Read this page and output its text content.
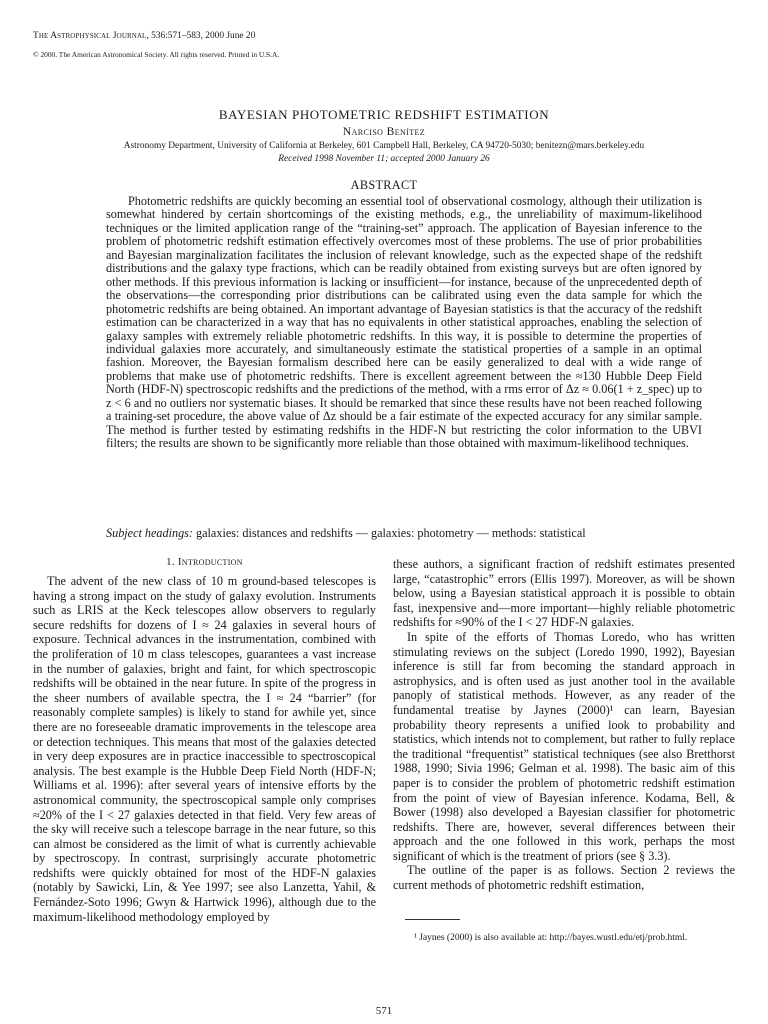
The Astrophysical Journal, 536:571–583, 2000 June 20
© 2000. The American Astronomical Society. All rights reserved. Printed in U.S.A.
BAYESIAN PHOTOMETRIC REDSHIFT ESTIMATION
Narciso Benítez
Astronomy Department, University of California at Berkeley, 601 Campbell Hall, Berkeley, CA 94720-5030; benitezn@mars.berkeley.edu
Received 1998 November 11; accepted 2000 January 26
ABSTRACT

Photometric redshifts are quickly becoming an essential tool of observational cosmology, although their utilization is somewhat hindered by certain shortcomings of the existing methods, e.g., the unreliability of maximum-likelihood techniques or the limited application range of the “training-set” approach. The application of Bayesian inference to the problem of photometric redshift estimation effectively overcomes most of these problems. The use of prior probabilities and Bayesian marginalization facilitates the inclusion of relevant knowledge, such as the expected shape of the redshift distributions and the galaxy type fractions, which can be readily obtained from existing surveys but are often ignored by other methods. If this previous information is lacking or insufficient—for instance, because of the unprecedented depth of the observations—the corresponding prior distributions can be calibrated using even the data sample for which the photometric redshifts are being obtained. An important advantage of Bayesian statistics is that the accuracy of the redshift estimation can be characterized in a way that has no equivalents in other statistical approaches, enabling the selection of galaxy samples with extremely reliable photometric redshifts. In this way, it is possible to determine the properties of individual galaxies more accurately, and simultaneously estimate the statistical properties of a sample in an optimal fashion. Moreover, the Bayesian formalism described here can be easily generalized to deal with a wide range of problems that make use of photometric redshifts. There is excellent agreement between the ≈130 Hubble Deep Field North (HDF-N) spectroscopic redshifts and the predictions of the method, with a rms error of Δz ≈ 0.06(1 + z_spec) up to z < 6 and no outliers nor systematic biases. It should be remarked that since these results have not been reached following a training-set procedure, the above value of Δz should be a fair estimate of the expected accuracy for any similar sample. The method is further tested by estimating redshifts in the HDF-N but restricting the color information to the UBVI filters; the results are shown to be significantly more reliable than those obtained with maximum-likelihood techniques.

Subject headings: galaxies: distances and redshifts — galaxies: photometry — methods: statistical
1. Introduction

The advent of the new class of 10 m ground-based telescopes is having a strong impact on the study of galaxy evolution. Instruments such as LRIS at the Keck telescopes allow observers to regularly secure redshifts for dozens of I ≈ 24 galaxies in several hours of exposure. Technical advances in the instrumentation, combined with the proliferation of 10 m class telescopes, guarantees a vast increase in the number of galaxies, bright and faint, for which spectroscopic redshifts will be obtained in the near future. In spite of the progress in the sheer numbers of available spectra, the I ≈ 24 “barrier” (for reasonably complete samples) is likely to stand for awhile yet, since there are no foreseeable dramatic improvements in the telescope area or detection techniques. This means that most of the galaxies detected in very deep exposures are in practice inaccessible to spectroscopical analysis. The best example is the Hubble Deep Field North (HDF-N; Williams et al. 1996): after several years of intensive efforts by the astronomical community, the spectroscopical sample only comprises ≈20% of the I < 27 galaxies detected in that field. Very few areas of the sky will receive such a telescope barrage in the near future, so this can almost be considered as the limit of what is currently achievable by spectroscopy. In contrast, surprisingly accurate photometric redshifts were quickly obtained for most of the HDF-N galaxies (notably by Sawicki, Lin, & Yee 1997; see also Lanzetta, Yahil, & Fernández-Soto 1996; Gwyn & Hartwick 1996), although due to the maximum-likelihood methodology employed by

these authors, a significant fraction of redshift estimates presented large, “catastrophic” errors (Ellis 1997). Moreover, as will be shown below, using a Bayesian statistical approach it is possible to obtain fast, inexpensive and—more important—highly reliable photometric redshifts for ≈90% of the I < 27 HDF-N galaxies.

In spite of the efforts of Thomas Loredo, who has written stimulating reviews on the subject (Loredo 1990, 1992), Bayesian inference is still far from becoming the standard approach in astrophysics, and is often used as just another tool in the available panoply of statistical methods. However, as any reader of the fundamental treatise by Jaynes (2000)¹ can learn, Bayesian probability theory represents a unified look to probability and statistics, which intends not to complement, but rather to fully replace the traditional “frequentist” statistical techniques (see also Bretthorst 1988, 1990; Sivia 1996; Gelman et al. 1998). The basic aim of this paper is to consider the problem of photometric redshift estimation from the point of view of Bayesian inference. Kodama, Bell, & Bower (1998) also developed a Bayesian classifier for photometric redshifts. There are, however, several differences between their approach and the one followed in this work, perhaps the most significant of which is the treatment of priors (see § 3.3).

The outline of the paper is as follows. Section 2 reviews the current methods of photometric redshift estimation,

¹ Jaynes (2000) is also available at: http://bayes.wustl.edu/etj/prob.html.

571
